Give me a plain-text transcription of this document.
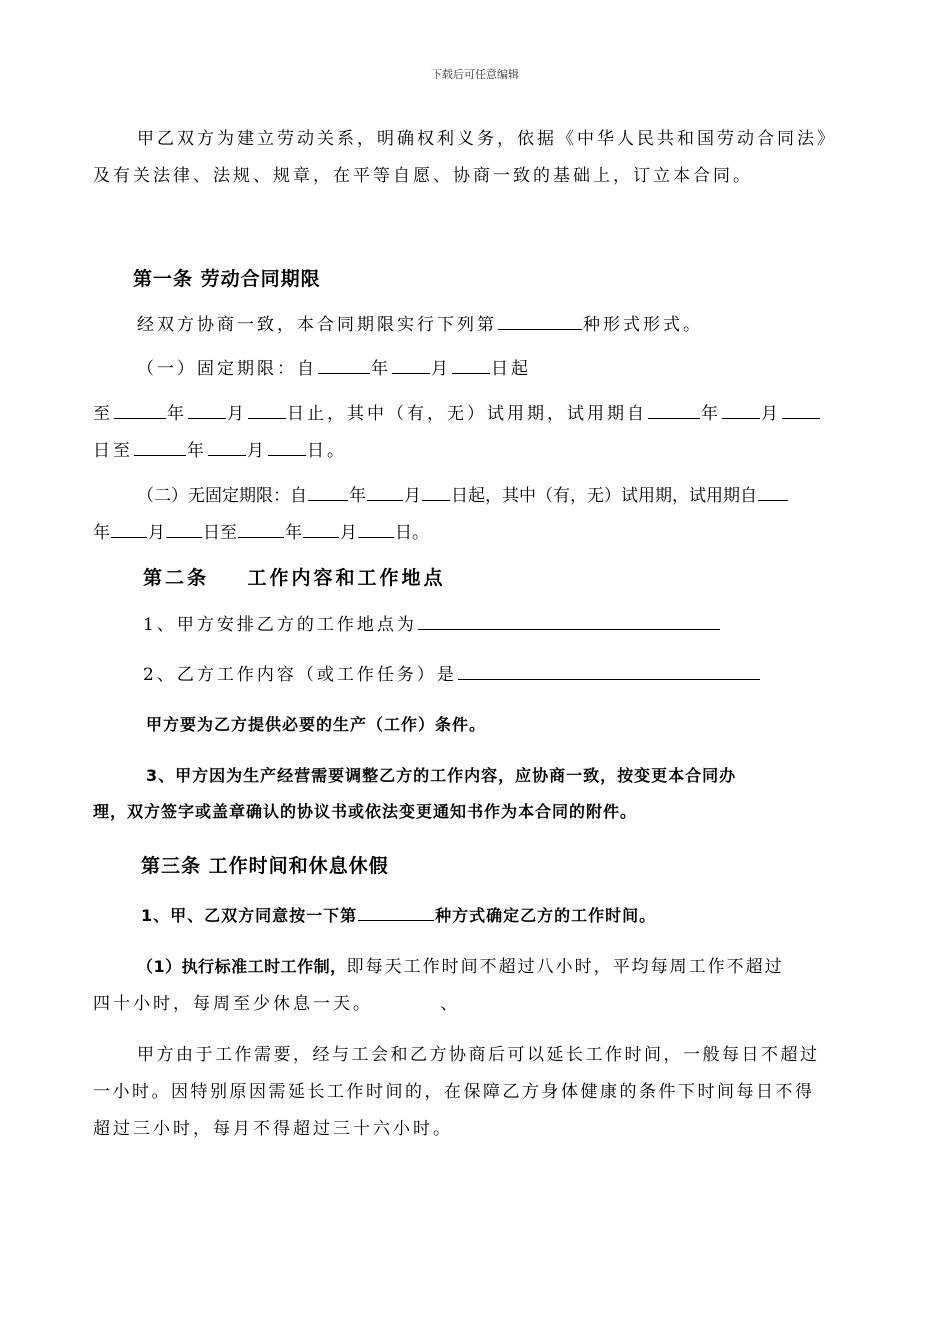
下载后可任意编辑
甲乙双方为建立劳动关系，明确权利义务，依据《中华人民共和国劳动合同法》
及有关法律、法规、规章，在平等自愿、协商一致的基础上，订立本合同。
第一条 劳动合同期限
经双方协商一致，本合同期限实行下列第	种形式形式。
（一）固定期限：自	年 月 日起
至	年 月 日止，其中（有，无）试用期，试用期自	年 月
日至	年 月 日。
（二）无固定期限：自 年 月 日起，其中（有，无）试用期，试用期自
年 月 日至	年 月 日。
第二条    工作内容和工作地点
1、甲方安排乙方的工作地点为
2、乙方工作内容（或工作任务）是
甲方要为乙方提供必要的生产（工作）条件。
3、甲方因为生产经营需要调整乙方的工作内容，应协商一致，按变更本合同办
理，双方签字或盖章确认的协议书或依法变更通知书作为本合同的附件。
第三条 工作时间和休息休假
1、甲、乙双方同意按一下第	种方式确定乙方的工作时间。
（1）执行标准工时工作制，即每天工作时间不超过八小时，平均每周工作不超过
四十小时，每周至少休息一天。        、
甲方由于工作需要，经与工会和乙方协商后可以延长工作时间，一般每日不超过
一小时。因特别原因需延长工作时间的，在保障乙方身体健康的条件下时间每日不得
超过三小时，每月不得超过三十六小时。
